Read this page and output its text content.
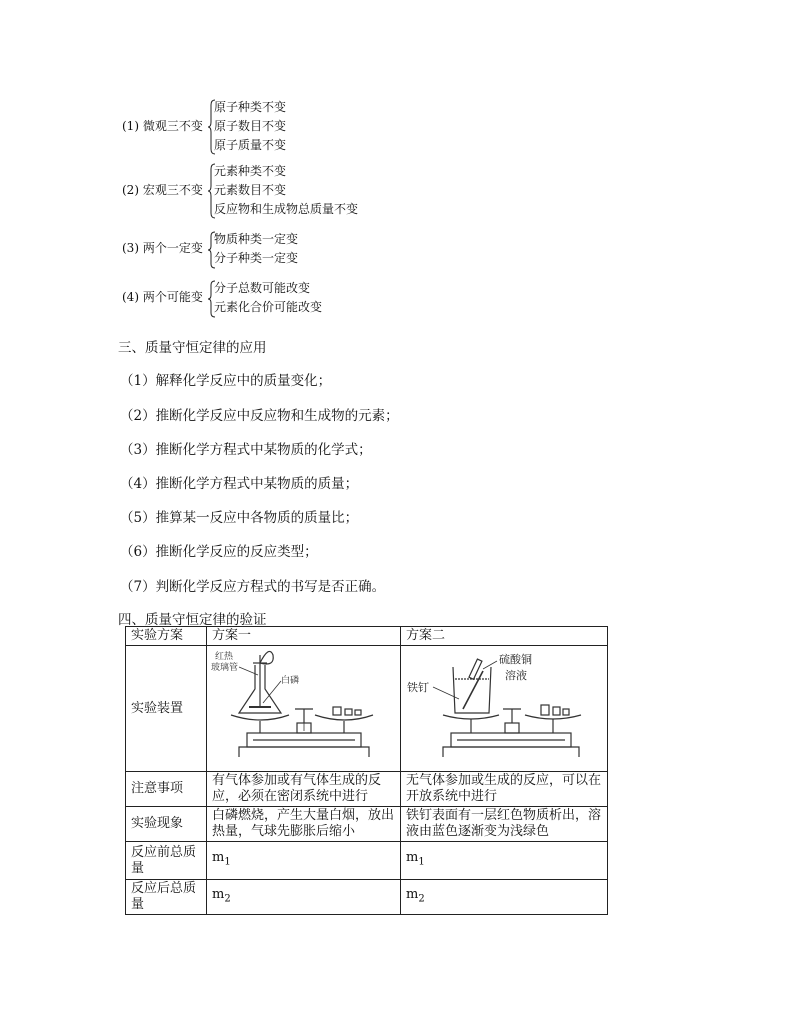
(1) 微观三不变
原子种类不变
原子数目不变
原子质量不变
(2) 宏观三不变
元素种类不变
元素数目不变
反应物和生成物总质量不变
(3) 两个一定变
物质种类一定变
分子种类一定变
(4) 两个可能变
分子总数可能改变
元素化合价可能改变
三、质量守恒定律的应用
（1）解释化学反应中的质量变化；
（2）推断化学反应中反应物和生成物的元素；
（3）推断化学方程式中某物质的化学式；
（4）推断化学方程式中某物质的质量；
（5）推算某一反应中各物质的质量比；
（6）推断化学反应的反应类型；
（7）判断化学反应方程式的书写是否正确。
四、质量守恒定律的验证
实验方案	方案一	方案二
实验装置	红热
玻璃管
白磷	硫酸铜
溶液
铁钉

注意事项	有气体参加或有气体生成的反应，必须在密闭系统中进行	无气体参加或生成的反应，可以在开放系统中进行
实验现象	白磷燃烧，产生大量白烟，放出热量，气球先膨胀后缩小	铁钉表面有一层红色物质析出，溶液由蓝色逐渐变为浅绿色
反应前总质量	$m_1$	$m_1$
反应后总质量	$m_2$	$m_2$
